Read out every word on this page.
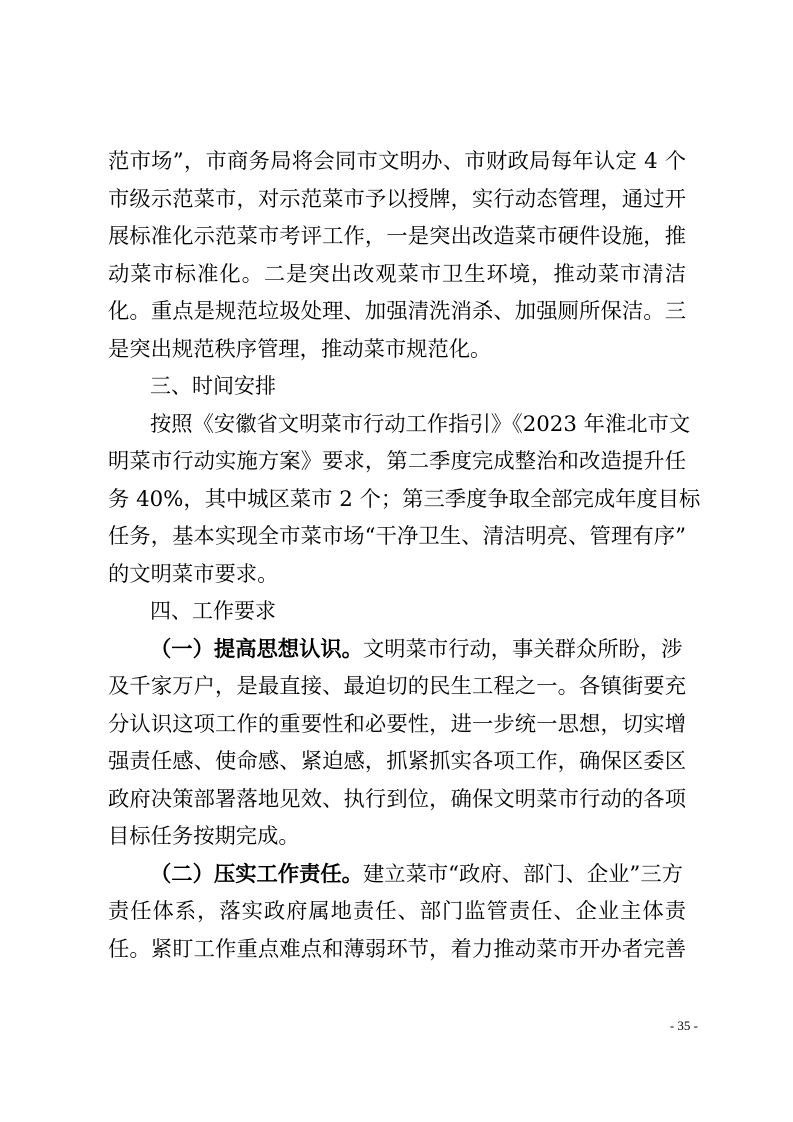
范市场”，市商务局将会同市文明办、市财政局每年认定 4 个
市级示范菜市，对示范菜市予以授牌，实行动态管理，通过开
展标准化示范菜市考评工作，一是突出改造菜市硬件设施，推
动菜市标准化。二是突出改观菜市卫生环境，推动菜市清洁
化。重点是规范垃圾处理、加强清洗消杀、加强厕所保洁。三
是突出规范秩序管理，推动菜市规范化。
三、时间安排
按照《安徽省文明菜市行动工作指引》《2023 年淮北市文
明菜市行动实施方案》要求，第二季度完成整治和改造提升任
务 40%，其中城区菜市 2 个；第三季度争取全部完成年度目标
任务，基本实现全市菜市场“干净卫生、清洁明亮、管理有序”
的文明菜市要求。
四、工作要求
（一）提高思想认识。文明菜市行动，事关群众所盼，涉
及千家万户，是最直接、最迫切的民生工程之一。各镇街要充
分认识这项工作的重要性和必要性，进一步统一思想，切实增
强责任感、使命感、紧迫感，抓紧抓实各项工作，确保区委区
政府决策部署落地见效、执行到位，确保文明菜市行动的各项
目标任务按期完成。
（二）压实工作责任。建立菜市“政府、部门、企业”三方
责任体系，落实政府属地责任、部门监管责任、企业主体责
任。紧盯工作重点难点和薄弱环节，着力推动菜市开办者完善
- 35 -
